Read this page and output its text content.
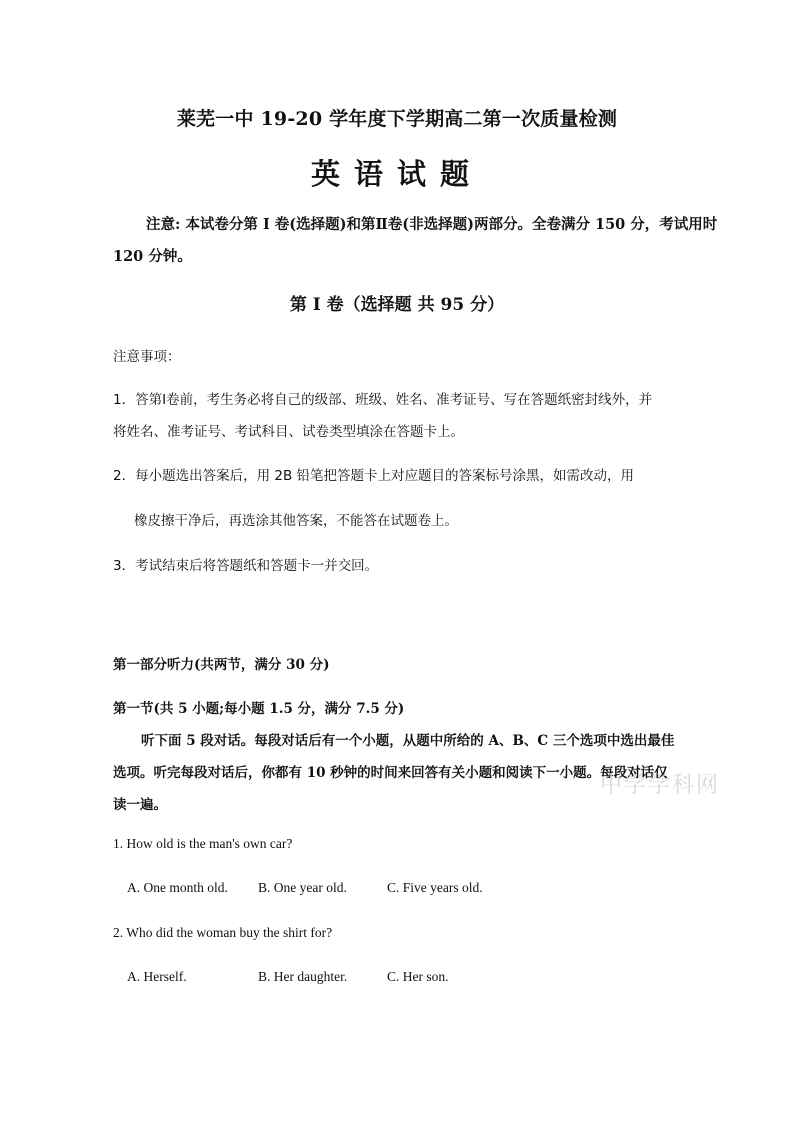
莱芜一中 19-20 学年度下学期高二第一次质量检测
英语试题
注意: 本试卷分第 I 卷(选择题)和第Ⅱ卷(非选择题)两部分。全卷满分 150 分，考试用时
120 分钟。
第 I 卷（选择题 共 95 分）
注意事项：
1．答第Ⅰ卷前，考生务必将自己的级部、班级、姓名、准考证号、写在答题纸密封线外，并
将姓名、准考证号、考试科目、试卷类型填涂在答题卡上。
2．每小题选出答案后，用 2B 铅笔把答题卡上对应题目的答案标号涂黑，如需改动，用
橡皮擦干净后，再选涂其他答案，不能答在试题卷上。
3．考试结束后将答题纸和答题卡一并交回。
第一部分听力(共两节，满分 30 分)
第一节(共 5 小题;每小题 1.5 分，满分 7.5 分)
听下面 5 段对话。每段对话后有一个小题，从题中所给的 A、B、C 三个选项中选出最佳
选项。听完每段对话后，你都有 10 秒钟的时间来回答有关小题和阅读下一小题。每段对话仅
读一遍。
中学学科网
1. How old is the man's own car?
A. One month old. B. One year old.	C. Five years old.
2. Who did the woman buy the shirt for?
A. Herself.	B. Her daughter.	C. Her son.
